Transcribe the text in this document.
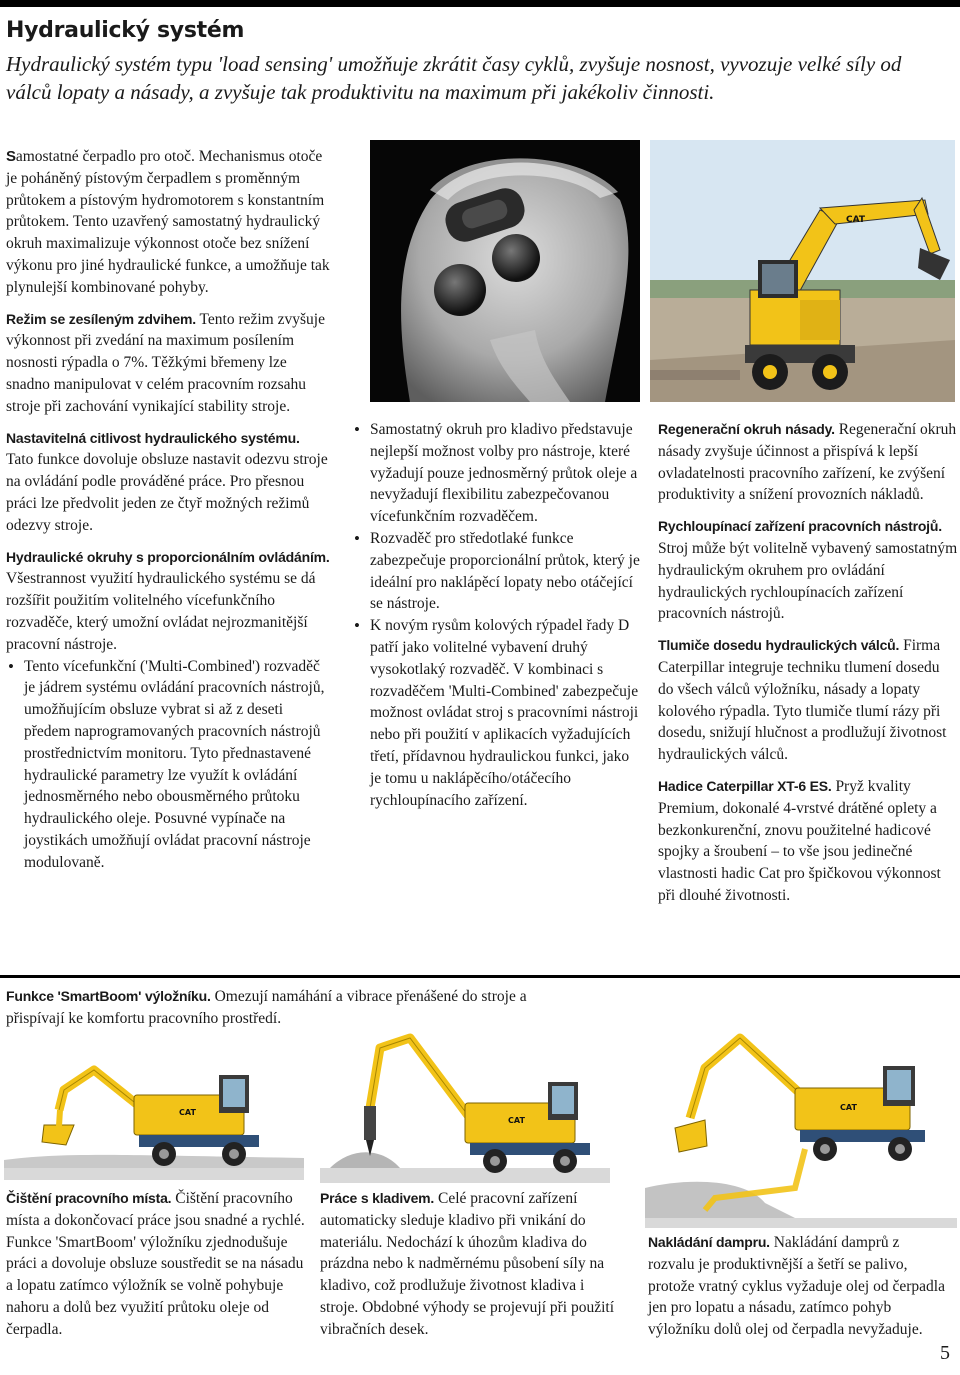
Hydraulický systém
Hydraulický systém typu 'load sensing' umožňuje zkrátit časy cyklů, zvyšuje nosnost, vyvozuje velké síly od válců lopaty a násady, a zvyšuje tak produktivitu na maximum při jakékoliv činnosti.

Samostatné čerpadlo pro otoč. Mechanismus otoče je poháněný pístovým čerpadlem s proměnným průtokem a pístovým hydromotorem s konstantním průtokem. Tento uzavřený samostatný hydraulický okruh maximalizuje výkonnost otoče bez snížení výkonu pro jiné hydraulické funkce, a umožňuje tak plynulejší kombinované pohyby.

Režim se zesíleným zdvihem. Tento režim zvyšuje výkonnost při zvedání na maximum posílením nosnosti rýpadla o 7%. Těžkými břemeny lze snadno manipulovat v celém pracovním rozsahu stroje při zachování vynikající stability stroje.

Nastavitelná citlivost hydraulického systému.

Tato funkce dovoluje obsluze nastavit odezvu stroje na ovládání podle prováděné práce. Pro přesnou práci lze předvolit jeden ze čtyř možných režimů odezvy stroje.

Hydraulické okruhy s proporcionálním ovládáním.

Všestrannost využití hydraulického systému se dá rozšířit použitím volitelného vícefunkčního rozvaděče, který umožní ovládat nejrozmanitější pracovní nástroje.

• Tento vícefunkční ('Multi-Combined') rozvaděč je jádrem systému ovládání pracovních nástrojů, umožňujícím obsluze vybrat si až z deseti předem naprogramovaných pracovních nástrojů prostřednictvím monitoru. Tyto přednastavené hydraulické parametry lze využít k ovládání jednosměrného nebo obousměrného průtoku hydraulického oleje. Posuvné vypínače na joystikách umožňují ovládat pracovní nástroje modulovaně.

CAT

• Samostatný okruh pro kladivo představuje nejlepší možnost volby pro nástroje, které vyžadují pouze jednosměrný průtok oleje a nevyžadují flexibilitu zabezpečovanou vícefunkčním rozvaděčem.

• Rozvaděč pro středotlaké funkce zabezpečuje proporcionální průtok, který je ideální pro naklápěcí lopaty nebo otáčející se nástroje.

• K novým rysům kolových rýpadel řady D patří jako volitelné vybavení druhý vysokotlaký rozvaděč. V kombinaci s rozvaděčem 'Multi-Combined' zabezpečuje možnost ovládat stroj s pracovními nástroji nebo při použití v aplikacích vyžadujících třetí, přídavnou hydraulickou funkci, jako je tomu u naklápěcího/otáčecího rychloupínacího zařízení.

Regenerační okruh násady. Regenerační okruh násady zvyšuje účinnost a přispívá k lepší ovladatelnosti pracovního zařízení, ke zvýšení produktivity a snížení provozních nákladů.

Rychloupínací zařízení pracovních nástrojů.

Stroj může být volitelně vybavený samostatným hydraulickým okruhem pro ovládání hydraulických rychloupínacích zařízení pracovních nástrojů.

Tlumiče dosedu hydraulických válců. Firma Caterpillar integruje techniku tlumení dosedu do všech válců výložníku, násady a lopaty kolového rýpadla. Tyto tlumiče tlumí rázy při dosedu, snižují hlučnost a prodlužují životnost hydraulických válců.

Hadice Caterpillar XT-6 ES. Pryž kvality Premium, dokonalé 4-vrstvé drátěné oplety a bezkonkurenční, znovu použitelné hadicové spojky a šroubení – to vše jsou jedinečné vlastnosti hadic Cat pro špičkovou výkonnost při dlouhé životnosti.

Funkce 'SmartBoom' výložníku. Omezují namáhání a vibrace přenášené do stroje a přispívají ke komfortu pracovního prostředí.
CAT
CAT
CAT
Čištění pracovního místa. Čištění pracovního místa a dokončovací práce jsou snadné a rychlé. Funkce 'SmartBoom' výložníku zjednodušuje práci a dovoluje obsluze soustředit se na násadu a lopatu zatímco výložník se volně pohybuje nahoru a dolů bez využití průtoku oleje od čerpadla.
Práce s kladivem. Celé pracovní zařízení automaticky sleduje kladivo při vnikání do materiálu. Nedochází k úhozům kladiva do prázdna nebo k nadměrnému působení síly na kladivo, což prodlužuje životnost kladiva i stroje. Obdobné výhody se projevují při použití vibračních desek.
Nakládání dampru. Nakládání damprů z rozvalu je produktivnější a šetří se palivo, protože vratný cyklus vyžaduje olej od čerpadla jen pro lopatu a násadu, zatímco pohyb výložníku dolů olej od čerpadla nevyžaduje.
5
